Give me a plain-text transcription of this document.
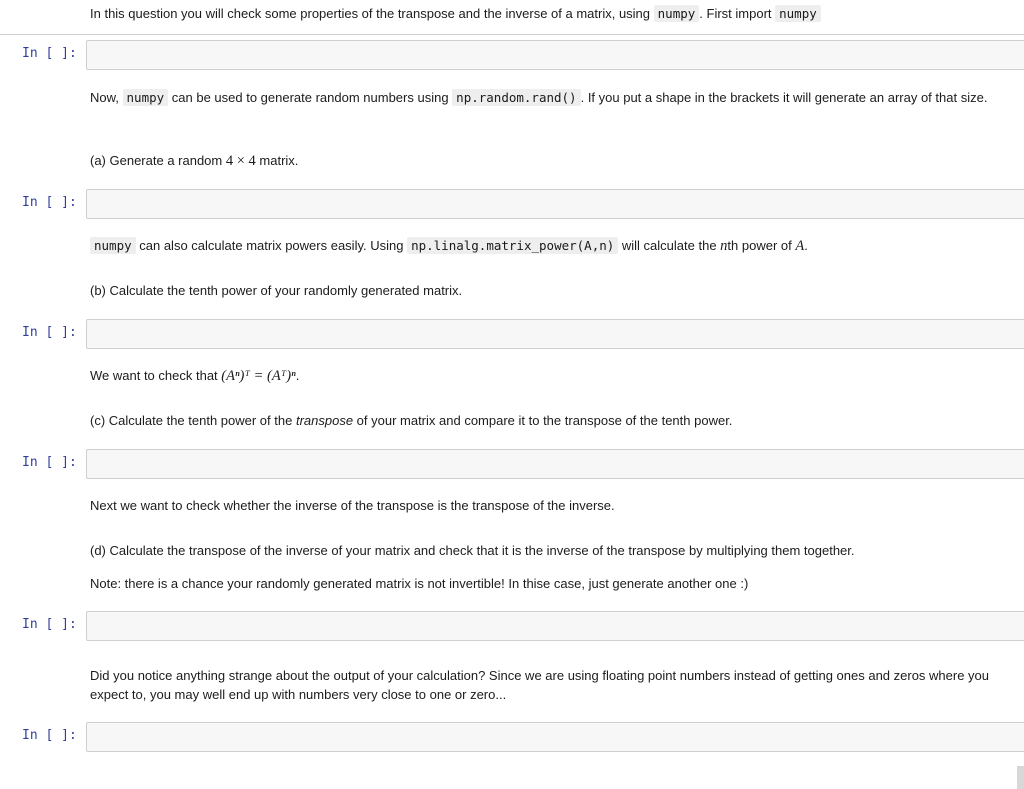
In this question you will check some properties of the transpose and the inverse of a matrix, using numpy . First import numpy

In [ ]:

Now, numpy can be used to generate random numbers using np.random.rand() . If you put a shape in the brackets it will generate an array of that size.

(a) Generate a random 4 × 4 matrix.

In [ ]:

numpy can also calculate matrix powers easily. Using np.linalg.matrix_power(A,n) will calculate the nth power of A.

(b) Calculate the tenth power of your randomly generated matrix.

In [ ]:

We want to check that (Aⁿ)ᵀ = (Aᵀ)ⁿ.

(c) Calculate the tenth power of the transpose of your matrix and compare it to the transpose of the tenth power.

In [ ]:

Next we want to check whether the inverse of the transpose is the transpose of the inverse.

(d) Calculate the transpose of the inverse of your matrix and check that it is the inverse of the transpose by multiplying them together.

Note: there is a chance your randomly generated matrix is not invertible! In thise case, just generate another one :)

In [ ]:

Did you notice anything strange about the output of your calculation? Since we are using floating point numbers instead of getting ones and zeros where you expect to, you may well end up with numbers very close to one or zero...

In [ ]:
